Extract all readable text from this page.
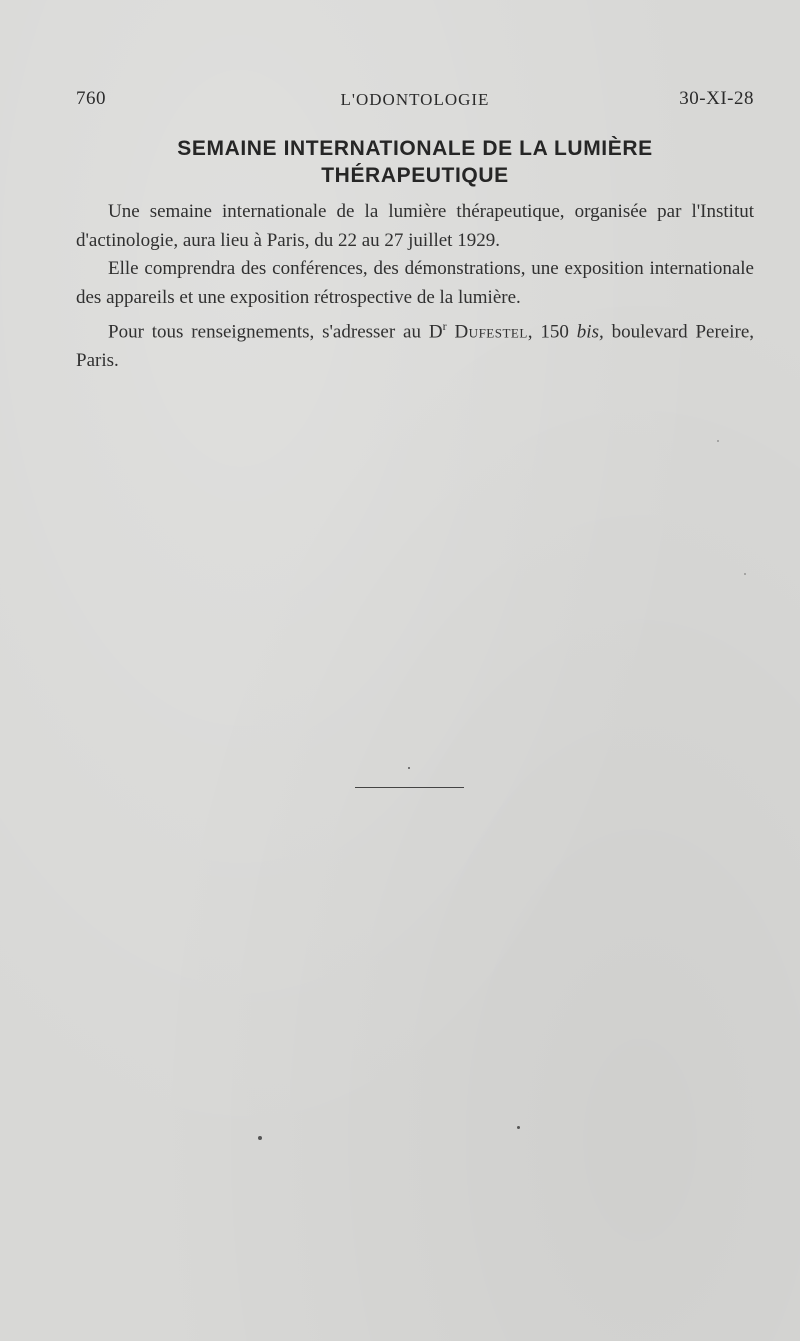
760	L'ODONTOLOGIE	30-XI-28
SEMAINE INTERNATIONALE DE LA LUMIÈRE
THÉRAPEUTIQUE

Une semaine internationale de la lumière thérapeutique, organisée par l'Institut d'actinologie, aura lieu à Paris, du 22 au 27 juillet 1929.

Elle comprendra des conférences, des démonstrations, une exposition internationale des appareils et une exposition rétrospective de la lumière.

Pour tous renseignements, s'adresser au $D^r$ Dufestel, 150 bis, boulevard Pereire, Paris.
